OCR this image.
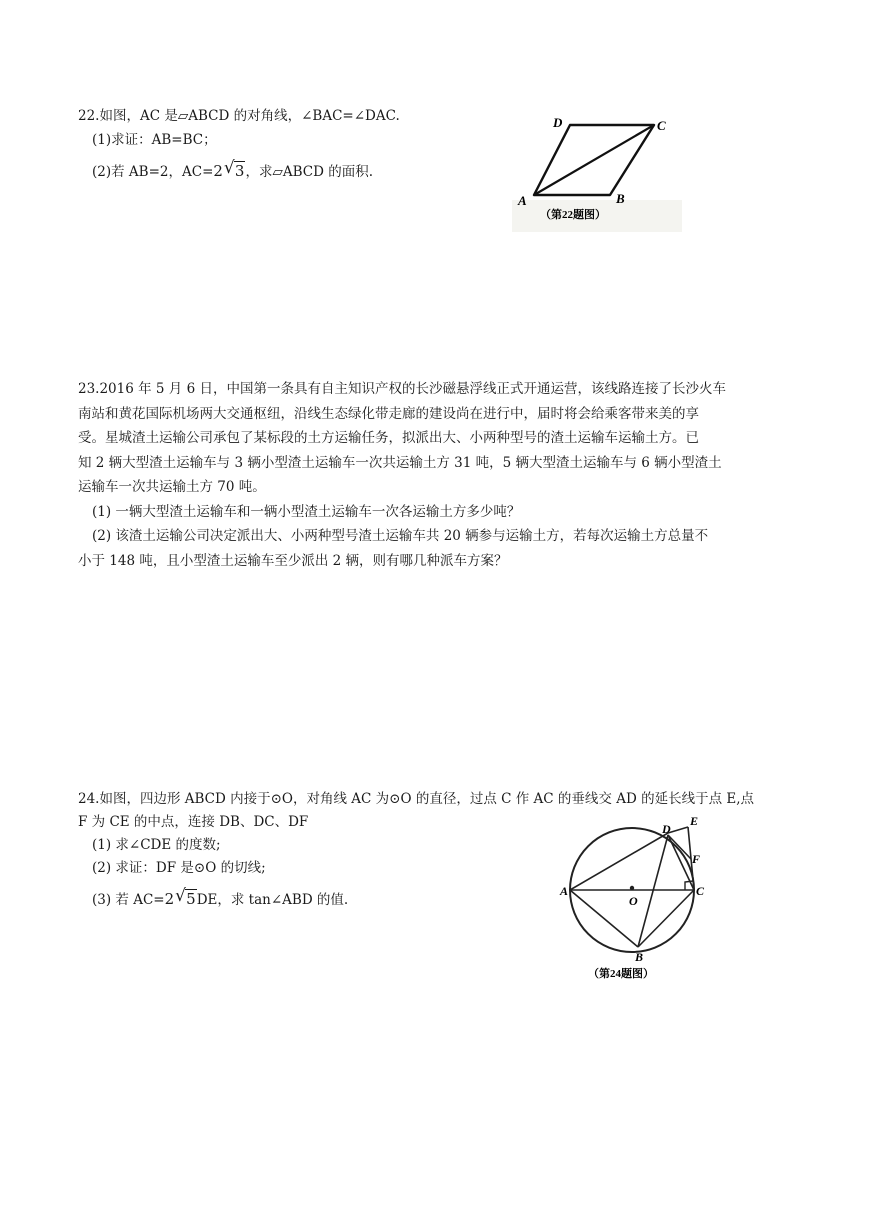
22.如图，AC 是▱ABCD 的对角线，∠BAC=∠DAC.
(1)求证：AB=BC；
(2)若 AB=2，AC=2 √ 3，求▱ABCD 的面积.
D	C
A	B
（第22题图）
23.2016 年 5 月 6 日，中国第一条具有自主知识产权的长沙磁悬浮线正式开通运营，该线路连接了长沙火车
南站和黄花国际机场两大交通枢纽，沿线生态绿化带走廊的建设尚在进行中，届时将会给乘客带来美的享
受。星城渣土运输公司承包了某标段的土方运输任务，拟派出大、小两种型号的渣土运输车运输土方。已
知 2 辆大型渣土运输车与 3 辆小型渣土运输车一次共运输土方 31 吨，5 辆大型渣土运输车与 6 辆小型渣土
运输车一次共运输土方 70 吨。
(1) 一辆大型渣土运输车和一辆小型渣土运输车一次各运输土方多少吨？
(2) 该渣土运输公司决定派出大、小两种型号渣土运输车共 20 辆参与运输土方，若每次运输土方总量不
小于 148 吨，且小型渣土运输车至少派出 2 辆，则有哪几种派车方案？
24.如图，四边形 ABCD 内接于⊙O，对角线 AC 为⊙O 的直径，过点 C 作 AC 的垂线交 AD 的延长线于点 E,点
F 为 CE 的中点，连接 DB、DC、DF
(1) 求∠CDE 的度数;
(2) 求证：DF 是⊙O 的切线;
(3) 若 AC=2 √ 5DE，求 tan∠ABD 的值.
D
E
F
C
A
O
B
（第24题图）
